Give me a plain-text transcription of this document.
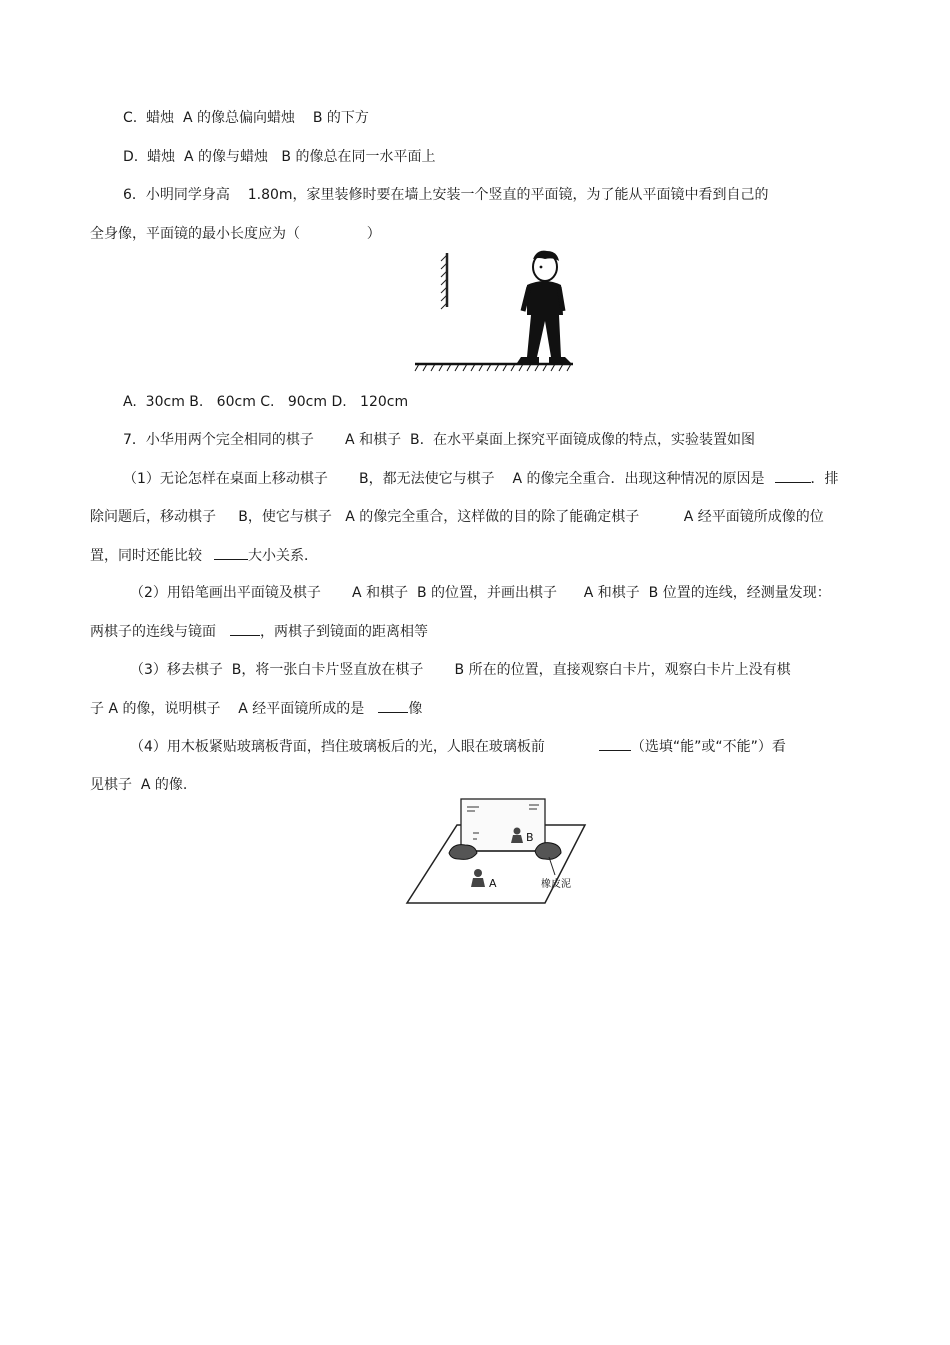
C.  蜡烛  A 的像总偏向蜡烛    B 的下方
D.  蜡烛  A 的像与蜡烛   B 的像总在同一水平面上
6．小明同学身高    1.80m，家里装修时要在墙上安装一个竖直的平面镜，为了能从平面镜中看到自己的
全身像，平面镜的最小长度应为（               ）
A.  30cm B.   60cm C.   90cm D.   120cm
7．小华用两个完全相同的棋子       A 和棋子  B.  在水平桌面上探究平面镜成像的特点，实验装置如图
（1）无论怎样在桌面上移动棋子       B，都无法使它与棋子    A 的像完全重合．出现这种情况的原因是	．排
除问题后，移动棋子     B，使它与棋子   A 的像完全重合，这样做的目的除了能确定棋子          A 经平面镜所成像的位
置，同时还能比较	大小关系．
（2）用铅笔画出平面镜及棋子       A 和棋子  B 的位置，并画出棋子      A 和棋子  B 位置的连线，经测量发现：
两棋子的连线与镜面	，两棋子到镜面的距离相等
（3）移去棋子  B，将一张白卡片竖直放在棋子       B 所在的位置，直接观察白卡片，观察白卡片上没有棋
子 A 的像，说明棋子    A 经平面镜所成的是	像
（4）用木板紧贴玻璃板背面，挡住玻璃板后的光，人眼在玻璃板前	（选填“能”或“不能”）看
见棋子  A 的像.
B
A	橡皮泥
